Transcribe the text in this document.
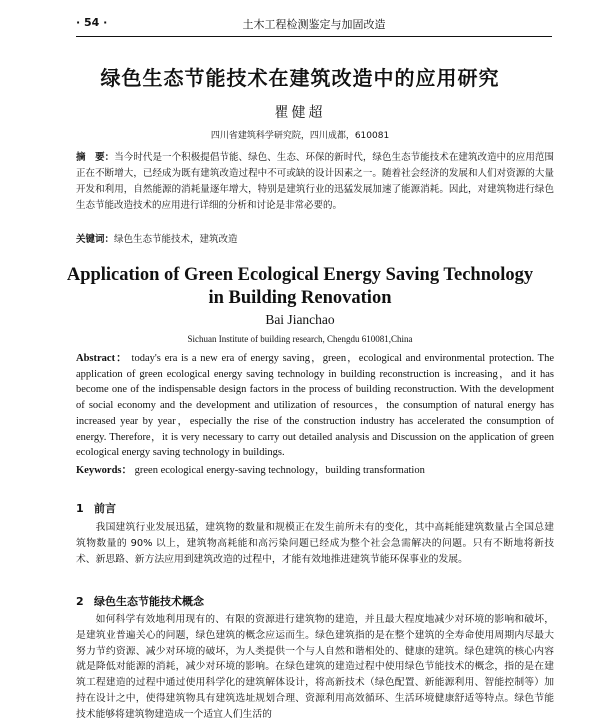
· 54 ·	土木工程检测鉴定与加固改造
绿色生态节能技术在建筑改造中的应用研究
瞿健超
四川省建筑科学研究院，四川成都，610081
摘　要：当今时代是一个积极提倡节能、绿色、生态、环保的新时代，绿色生态节能技术在建筑改造中的应用范围正在不断增大，已经成为既有建筑改造过程中不可或缺的设计因素之一。随着社会经济的发展和人们对资源的大量开发和利用，自然能源的消耗量逐年增大，特别是建筑行业的迅猛发展加速了能源消耗。因此，对建筑物进行绿色生态节能改造技术的应用进行详细的分析和讨论是非常必要的。
关键词：绿色生态节能技术，建筑改造
Application of Green Ecological Energy Saving Technology in Building Renovation
Bai Jianchao
Sichuan Institute of building research, Chengdu 610081,China
Abstract： today's era is a new era of energy saving，green，ecological and environmental protection. The application of green ecological energy saving technology in building reconstruction is increasing，and it has become one of the indispensable design factors in the process of building reconstruction. With the development of social economy and the development and utilization of resources，the consumption of natural energy has increased year by year，especially the rise of the construction industry has accelerated the consumption of energy. Therefore，it is very necessary to carry out detailed analysis and Discussion on the application of green ecological energy saving technology in buildings.
Keywords： green ecological energy-saving technology，building transformation
1 前言
我国建筑行业发展迅猛，建筑物的数量和规模正在发生前所未有的变化，其中高耗能建筑数量占全国总建筑物数量的 90% 以上，建筑物高耗能和高污染问题已经成为整个社会急需解决的问题。只有不断地将新技术、新思路、新方法应用到建筑改造的过程中，才能有效地推进建筑节能环保事业的发展。
2 绿色生态节能技术概念
如何科学有效地利用现有的、有限的资源进行建筑物的建造，并且最大程度地减少对环境的影响和破坏，是建筑业普遍关心的问题，绿色建筑的概念应运而生。绿色建筑指的是在整个建筑的全寿命使用周期内尽最大努力节约资源、减少对环境的破坏，为人类提供一个与人自然和谐相处的、健康的建筑。绿色建筑的核心内容就是降低对能源的消耗，减少对环境的影响。在绿色建筑的建造过程中使用绿色节能技术的概念，指的是在建筑工程建造的过程中通过使用科学化的建筑解体设计，将高新技术（绿色配置、新能源利用、智能控制等）加持在设计之中，使得建筑物具有建筑选址规划合理、资源利用高效循环、生活环境健康舒适等特点。绿色节能技术能够将建筑物建造成一个适宜人们生活的
